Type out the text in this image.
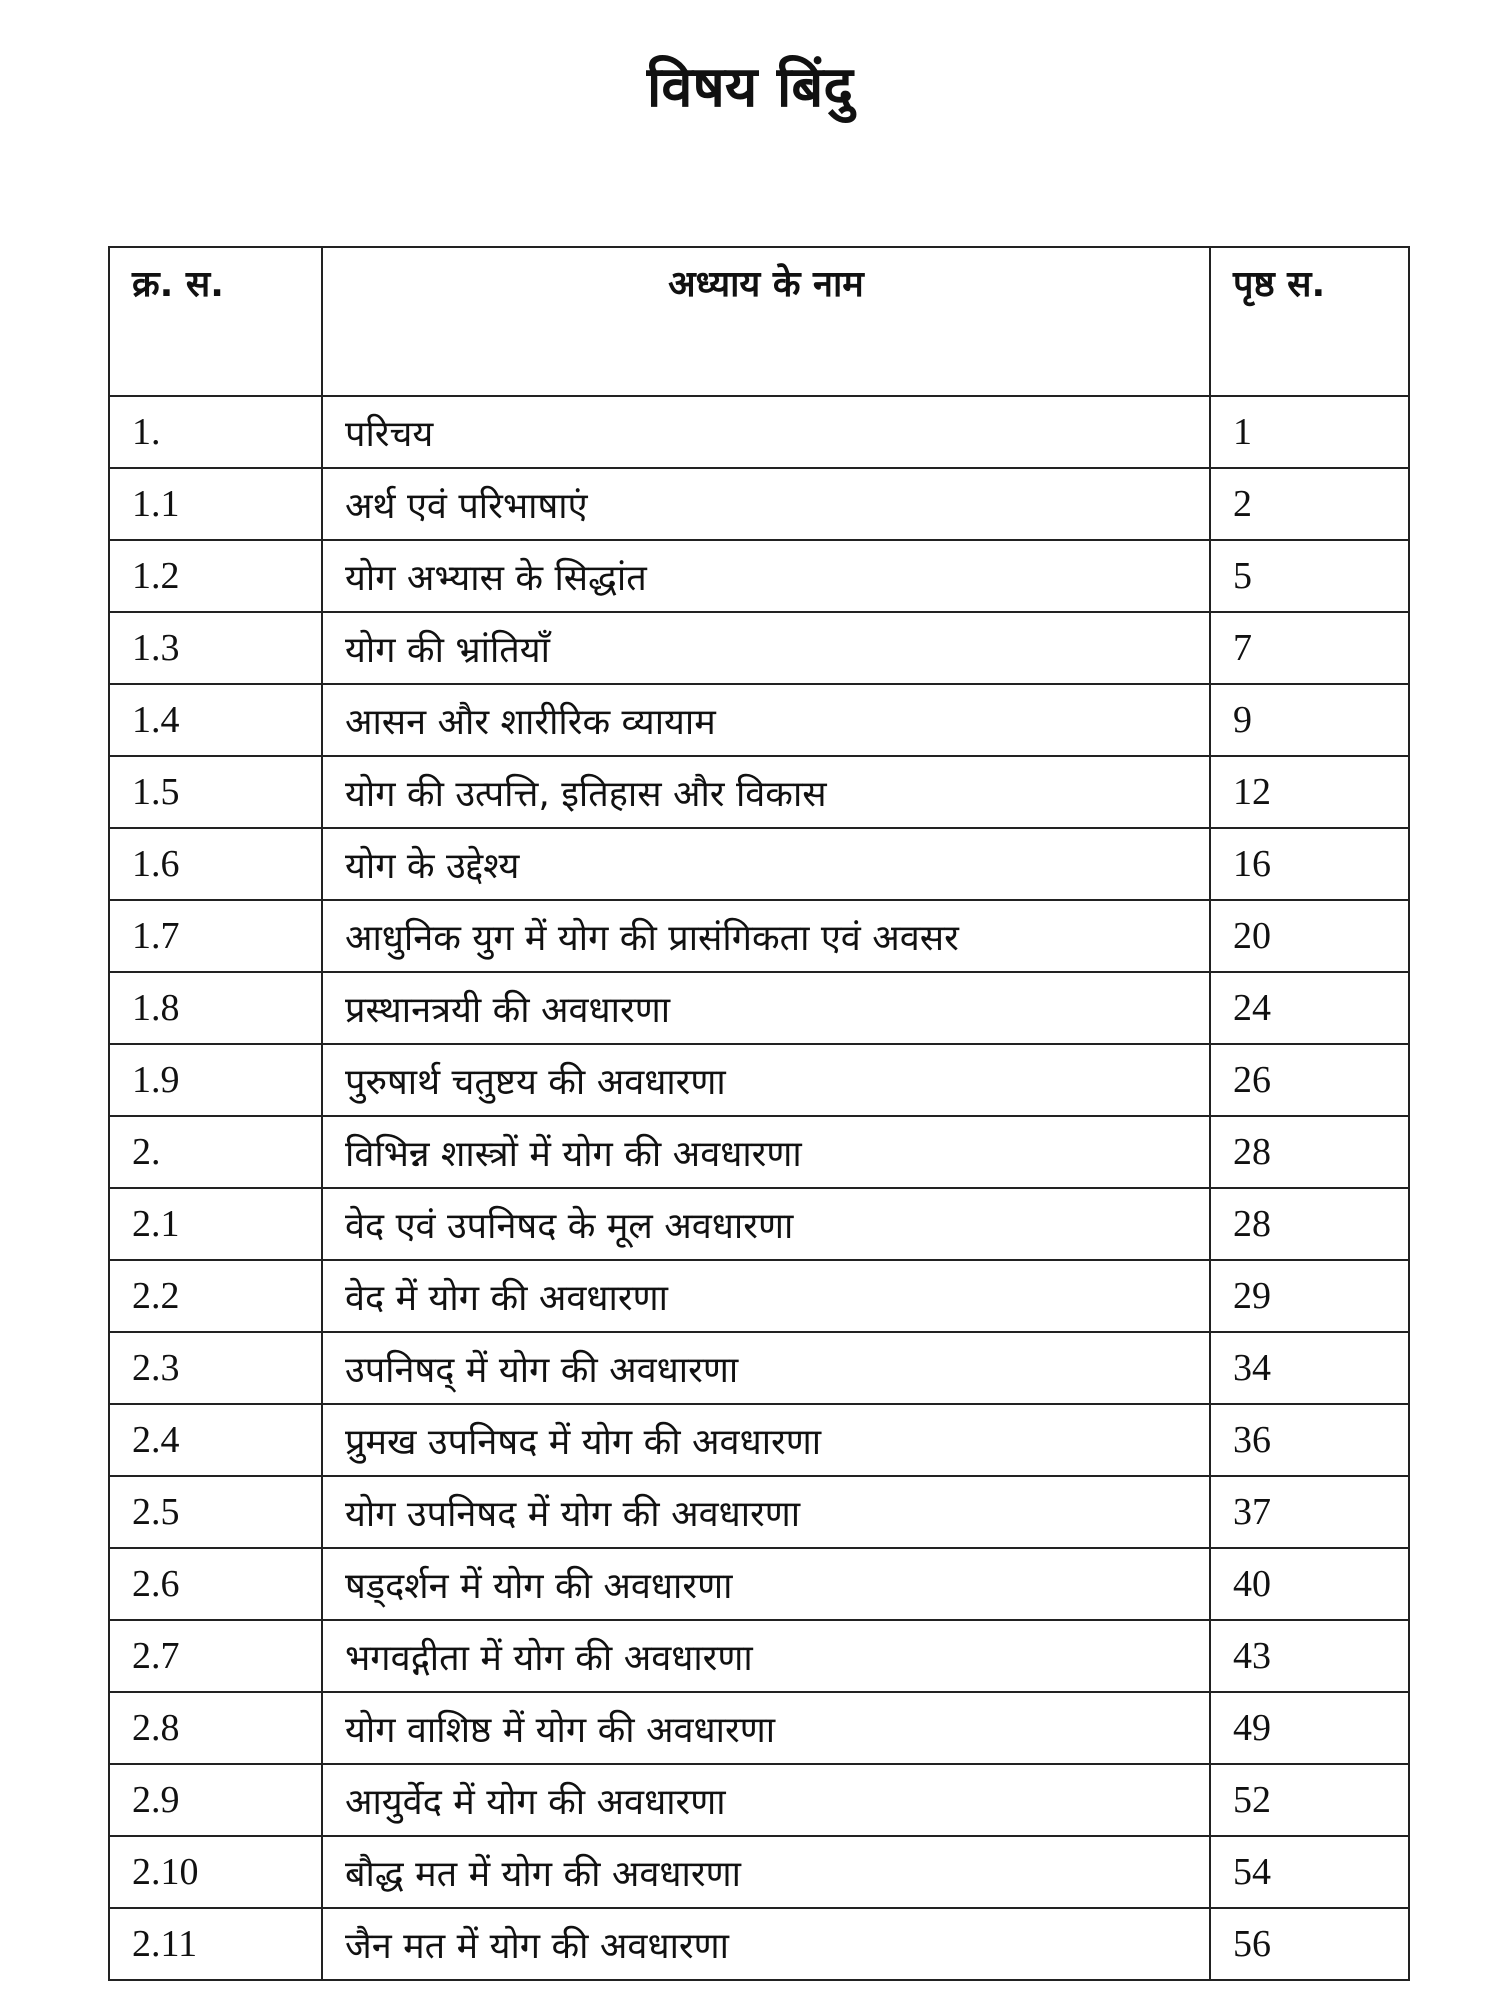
विषय बिंदु
क्र. स.	अध्याय के नाम	पृष्ठ स.
1.	परिचय	1
1.1	अर्थ एवं परिभाषाएं	2
1.2	योग अभ्यास के सिद्धांत	5
1.3	योग की भ्रांतियाँ	7
1.4	आसन और शारीरिक व्यायाम	9
1.5	योग की उत्पत्ति, इतिहास और विकास	12
1.6	योग के उद्देश्य	16
1.7	आधुनिक युग में योग की प्रासंगिकता एवं अवसर	20
1.8	प्रस्थानत्रयी की अवधारणा	24
1.9	पुरुषार्थ चतुष्टय की अवधारणा	26
2.	विभिन्न शास्त्रों में योग की अवधारणा	28
2.1	वेद एवं उपनिषद के मूल अवधारणा	28
2.2	वेद में योग की अवधारणा	29
2.3	उपनिषद् में योग की अवधारणा	34
2.4	प्रुमख उपनिषद में योग की अवधारणा	36
2.5	योग उपनिषद में योग की अवधारणा	37
2.6	षड्दर्शन में योग की अवधारणा	40
2.7	भगवद्गीता में योग की अवधारणा	43
2.8	योग वाशिष्ठ में योग की अवधारणा	49
2.9	आयुर्वेद में योग की अवधारणा	52
2.10	बौद्ध मत में योग की अवधारणा	54
2.11	जैन मत में योग की अवधारणा	56
